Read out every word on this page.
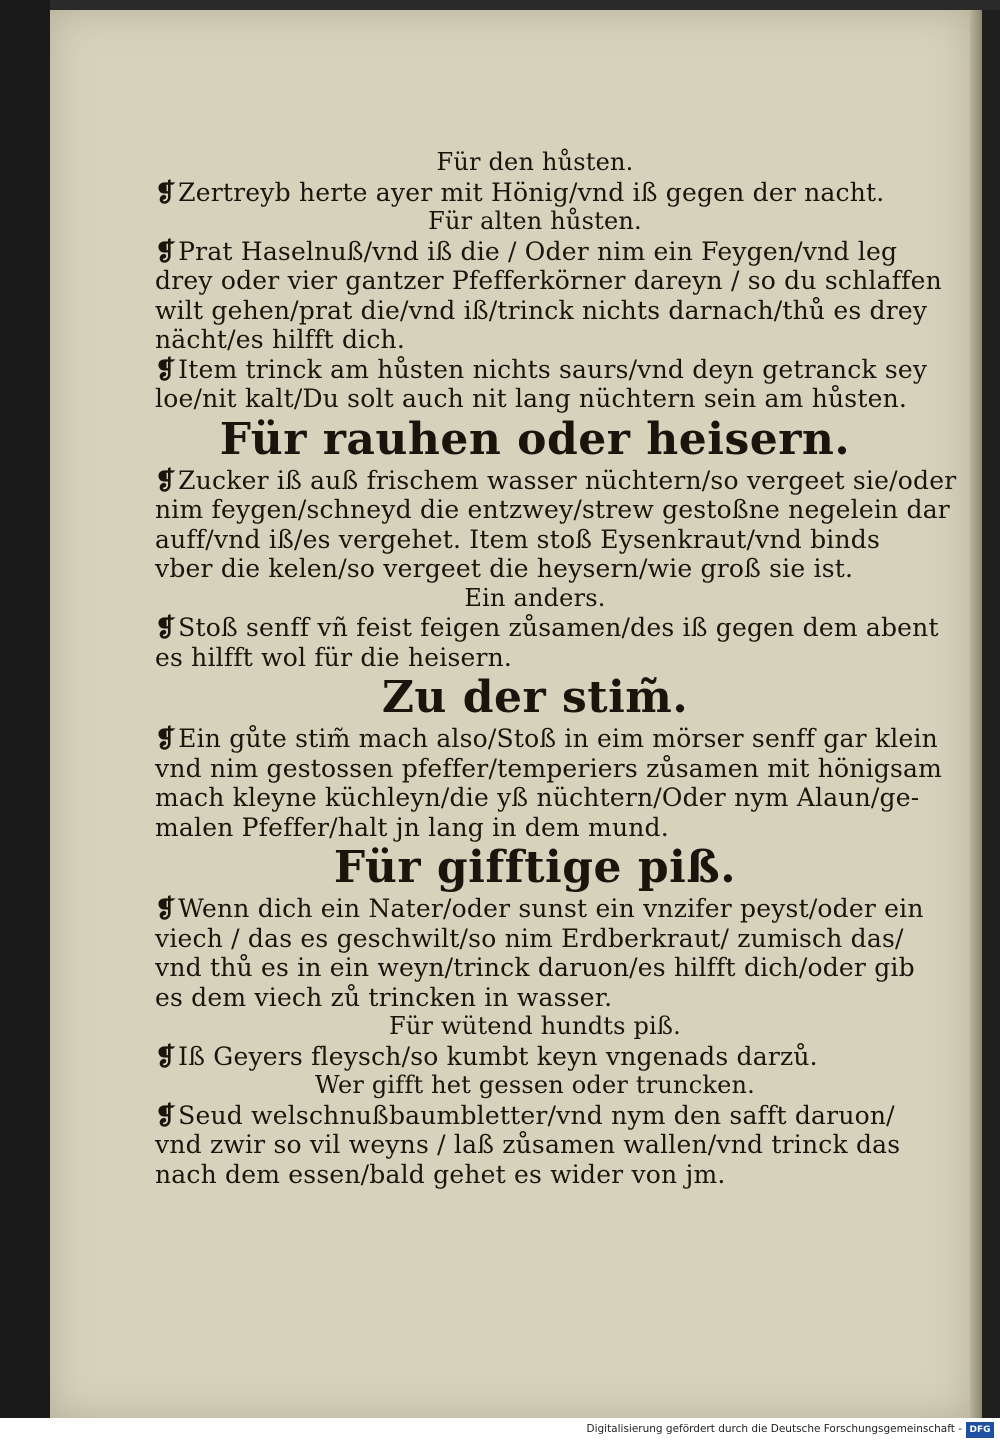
Für den hůsten.
❡Zertreyb herte ayer mit Hönig/vnd iß gegen der nacht.
Für alten hůsten.
❡Prat Haselnuß/vnd iß die / Oder nim ein Feygen/vnd leg
drey oder vier gantzer Pfefferkörner dareyn / so du schlaffen
wilt gehen/prat die/vnd iß/trinck nichts darnach/thů es drey
nächt/es hilfft dich.
❡Item trinck am hůsten nichts saurs/vnd deyn getranck sey
loe/nit kalt/Du solt auch nit lang nüchtern sein am hůsten.
Für rauhen oder heisern.
❡Zucker iß auß frischem wasser nüchtern/so vergeet sie/oder
nim feygen/schneyd die entzwey/strew gestoßne negelein dar
auff/vnd iß/es vergehet. Item stoß Eysenkraut/vnd binds
vber die kelen/so vergeet die heysern/wie groß sie ist.
Ein anders.
❡Stoß senff vñ feist feigen zůsamen/des iß gegen dem abent
es hilfft wol für die heisern.
Zu der stim̃.
❡Ein gůte stim̃ mach also/Stoß in eim mörser senff gar klein
vnd nim gestossen pfeffer/temperiers zůsamen mit hönigsam
mach kleyne küchleyn/die yß nüchtern/Oder nym Alaun/ge-
malen Pfeffer/halt jn lang in dem mund.
Für gifftige piß.
❡Wenn dich ein Nater/oder sunst ein vnzifer peyst/oder ein
viech / das es geschwilt/so nim Erdberkraut/ zumisch das/
vnd thů es in ein weyn/trinck daruon/es hilfft dich/oder gib
es dem viech zů trincken in wasser.
Für wütend hundts piß.
❡Iß Geyers fleysch/so kumbt keyn vngenads darzů.
Wer gifft het gessen oder truncken.
❡Seud welschnußbaumbletter/vnd nym den safft daruon/
vnd zwir so vil weyns / laß zůsamen wallen/vnd trinck das
nach dem essen/bald gehet es wider von jm.
Digitalisierung gefördert durch die Deutsche Forschungsgemeinschaft - DFG
